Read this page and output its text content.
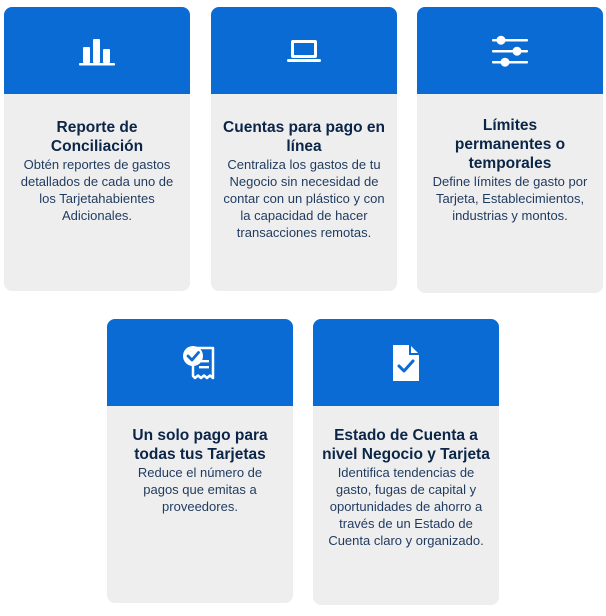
Reporte de Conciliación

Obtén reportes de gastos detallados de cada uno de los Tarjetahabientes Adicionales.

Cuentas para pago en línea

Centraliza los gastos de tu Negocio sin necesidad de contar con un plástico y con la capacidad de hacer transacciones remotas.

Límites permanentes o temporales

Define límites de gasto por Tarjeta, Establecimientos, industrias y montos.

Un solo pago para todas tus Tarjetas

Reduce el número de pagos que emitas a proveedores.

Estado de Cuenta a nivel Negocio y Tarjeta

Identifica tendencias de gasto, fugas de capital y oportunidades de ahorro a través de un Estado de Cuenta claro y organizado.
